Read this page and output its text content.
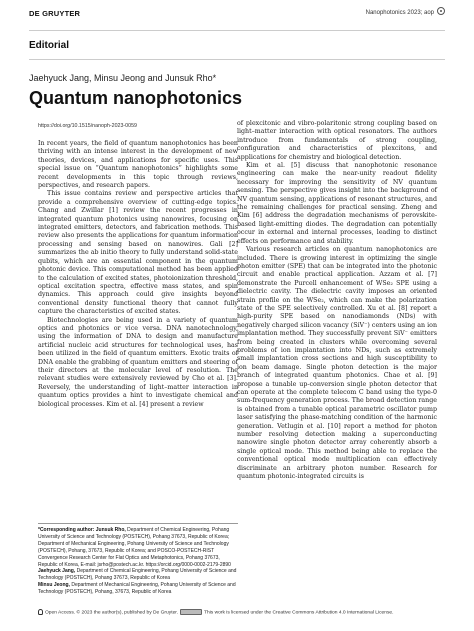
DE GRUYTER	Nanophotonics 2023; aop
Editorial
Jaehyuck Jang, Minsu Jeong and Junsuk Rho*
Quantum nanophotonics
https://doi.org/10.1515/nanoph-2023-0059

In recent years, the field of quantum nanophotonics has been thriving with an intense interest in the development of new theories, devices, and applications for specific uses. This special issue on “Quantum nanophotonics” highlights some recent developments in this topic through reviews, perspectives, and research papers.

This issue contains review and perspective articles that provide a comprehensive overview of cutting-edge topics. Chang and Zwillar [1] review the recent progresses in integrated quantum photonics using nanowires, focusing on integrated emitters, detectors, and fabrication methods. This review also presents the applications for quantum information processing and sensing based on nanowires. Gali [2] summarizes the ab initio theory to fully understand solid-state qubits, which are an essential component in the quantum photonic device. This computational method has been applied to the calculation of excited states, photoionization threshold, optical excitation spectra, effective mass states, and spin dynamics. This approach could give insights beyond conventional density functional theory that cannot fully capture the characteristics of excited states.

Biotechnologies are being used in a variety of quantum optics and photonics or vice versa. DNA nanotechnology, using the information of DNA to design and manufacture artificial nucleic acid structures for technological uses, has been utilized in the field of quantum emitters. Exotic traits of DNA enable the grabbing of quantum emitters and steering of their directors at the molecular level of resolution. The relevant studies were extensively reviewed by Cho et al. [3]. Reversely, the understanding of light–matter interaction in quantum optics provides a hint to investigate chemical and biological processes. Kim et al. [4] present a review

of plexcitonic and vibro-polaritonic strong coupling based on light–matter interaction with optical resonators. The authors introduce from fundamentals of strong coupling, configuration and characteristics of plexcitons, and applications for chemistry and biological detection.

Kim et al. [5] discuss that nanophotonic resonance engineering can make the near-unity readout fidelity necessary for improving the sensitivity of NV quantum sensing. The perspective gives insight into the background of NV quantum sensing, applications of resonant structures, and the remaining challenges for practical sensing. Zheng and Kim [6] address the degradation mechanisms of perovskite-based light-emitting diodes. The degradation can potentially occur in external and internal processes, leading to distinct effects on performance and stability.

Various research articles on quantum nanophotonics are included. There is growing interest in optimizing the single photon emitter (SPE) that can be integrated into the photonic circuit and enable practical application. Azzam et al. [7] demonstrate the Purcell enhancement of WSe₂ SPE using a dielectric cavity. The dielectric cavity imposes an oriented strain profile on the WSe₂, which can make the polarization state of the SPE selectively controlled. Xu et al. [8] report a high-purity SPE based on nanodiamonds (NDs) with negatively charged silicon vacancy (SiV⁻) centers using an ion implantation method. They successfully prevent SiV⁻ emitters from being created in clusters while overcoming several problems of ion implantation into NDs, such as extremely small implantation cross sections and high susceptibility to ion beam damage. Single photon detection is the major branch of integrated quantum photonics. Chae et al. [9] propose a tunable up-conversion single photon detector that can operate at the complete telecom C band using the type-0 sum-frequency generation process. The broad detection range is obtained from a tunable optical parametric oscillator pump laser satisfying the phase-matching condition of the harmonic generation. Vetlugin et al. [10] report a method for photon number resolving detection making a superconducting nanowire single photon detector array coherently absorb a single optical mode. This method being able to replace the conventional optical mode multiplication can effectively discriminate an arbitrary photon number. Research for quantum photonic-integrated circuits is

*Corresponding author: Junsuk Rho, Department of Chemical Engineering, Pohang University of Science and Technology (POSTECH), Pohang 37673, Republic of Korea; Department of Mechanical Engineering, Pohang University of Science and Technology (POSTECH), Pohang, 37673, Republic of Korea; and POSCO-POSTECH-RIST Convergence Research Center for Flat Optics and Metaphotonics, Pohang 37673, Republic of Korea, E-mail: jsrho@postech.ac.kr. https://orcid.org/0000-0002-2179-2890

Jaehyuck Jang, Department of Chemical Engineering, Pohang University of Science and Technology (POSTECH), Pohang 37673, Republic of Korea

Minsu Jeong, Department of Mechanical Engineering, Pohang University of Science and Technology (POSTECH), Pohang, 37673, Republic of Korea

Open Access. © 2023 the author(s), published by De Gruyter.	This work is licensed under the Creative Commons Attribution 4.0 International License.
